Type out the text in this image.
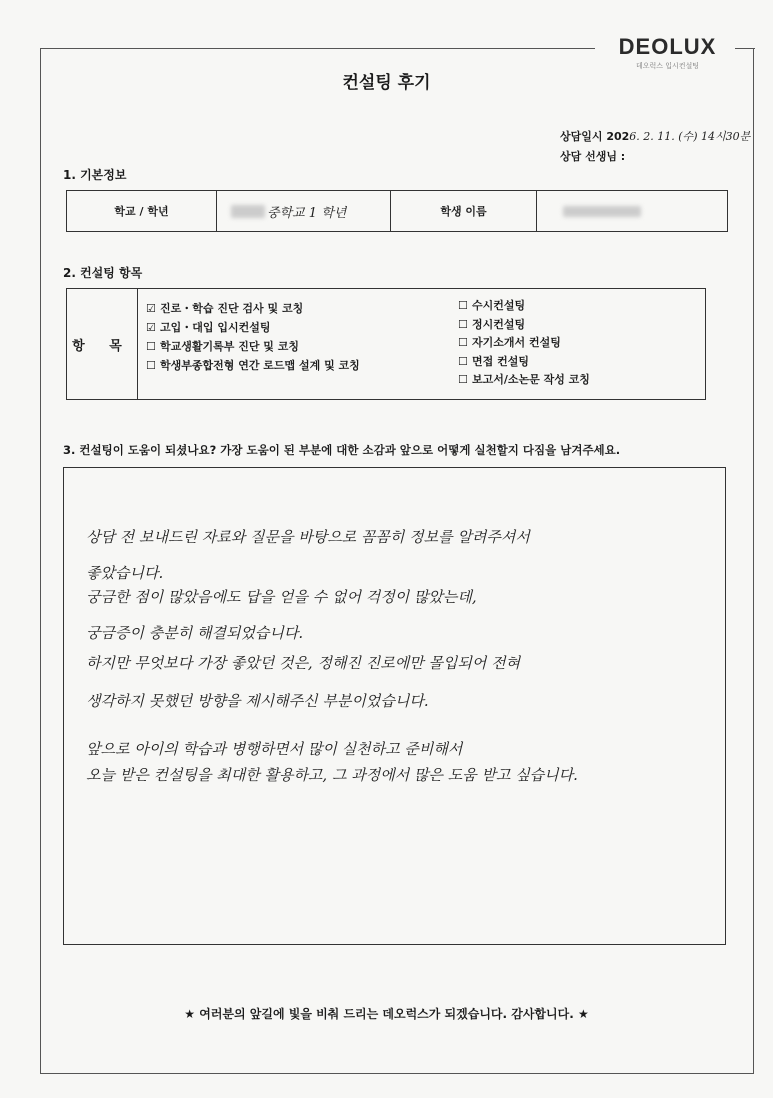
DEOLUX
데오럭스 입시컨설팅
컨설팅 후기
상담일시 2026. 2. 11. (수) 14시30분
상담 선생님 :
1. 기본정보
학교 / 학년	중학교 1 학년	학생 이름
2. 컨설팅 항목
항 목
☑ 진로・학습 진단 검사 및 코칭
☑ 고입・대입 입시컨설팅
☐ 학교생활기록부 진단 및 코칭
☐ 학생부종합전형 연간 로드맵 설계 및 코칭
☐ 수시컨설팅
☐ 정시컨설팅
☐ 자기소개서 컨설팅
☐ 면접 컨설팅
☐ 보고서/소논문 작성 코칭
3. 컨설팅이 도움이 되셨나요? 가장 도움이 된 부분에 대한 소감과 앞으로 어떻게 실천할지 다짐을 남겨주세요.
상담 전 보내드린 자료와 질문을 바탕으로 꼼꼼히 정보를 알려주셔서
좋았습니다.
궁금한 점이 많았음에도 답을 얻을 수 없어 걱정이 많았는데,
궁금증이 충분히 해결되었습니다.
하지만 무엇보다 가장 좋았던 것은, 정해진 진로에만 몰입되어 전혀
생각하지 못했던 방향을 제시해주신 부분이었습니다.
앞으로 아이의 학습과 병행하면서 많이 실천하고 준비해서
오늘 받은 컨설팅을 최대한 활용하고, 그 과정에서 많은 도움 받고 싶습니다.
★ 여러분의 앞길에 빛을 비춰 드리는 데오럭스가 되겠습니다. 감사합니다. ★
